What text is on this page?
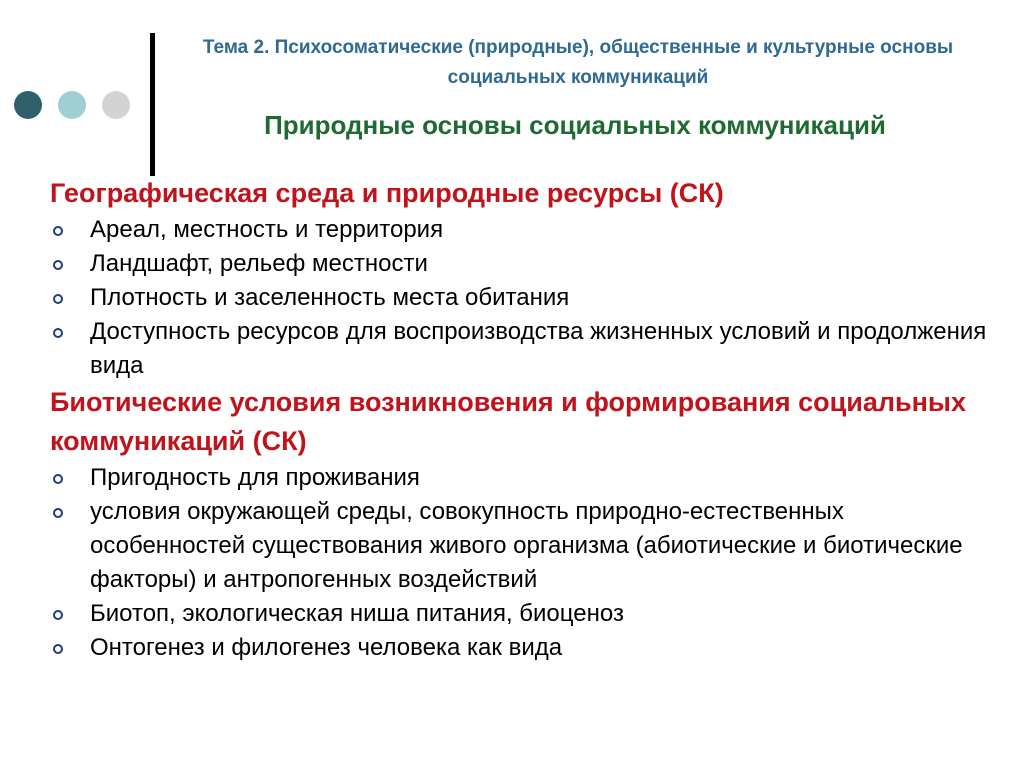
Тема 2. Психосоматические (природные), общественные и культурные основы социальных коммуникаций
Природные основы социальных коммуникаций
Географическая среда и природные ресурсы (СК)
Ареал, местность и территория
Ландшафт, рельеф местности
Плотность и заселенность места обитания
Доступность ресурсов для воспроизводства жизненных условий и продолжения вида
Биотические условия возникновения и формирования социальных коммуникаций (СК)
Пригодность для проживания
условия окружающей среды, совокупность природно-естественных особенностей существования живого организма (абиотические и биотические факторы) и антропогенных воздействий
Биотоп, экологическая ниша питания, биоценоз
Онтогенез и филогенез человека как вида
